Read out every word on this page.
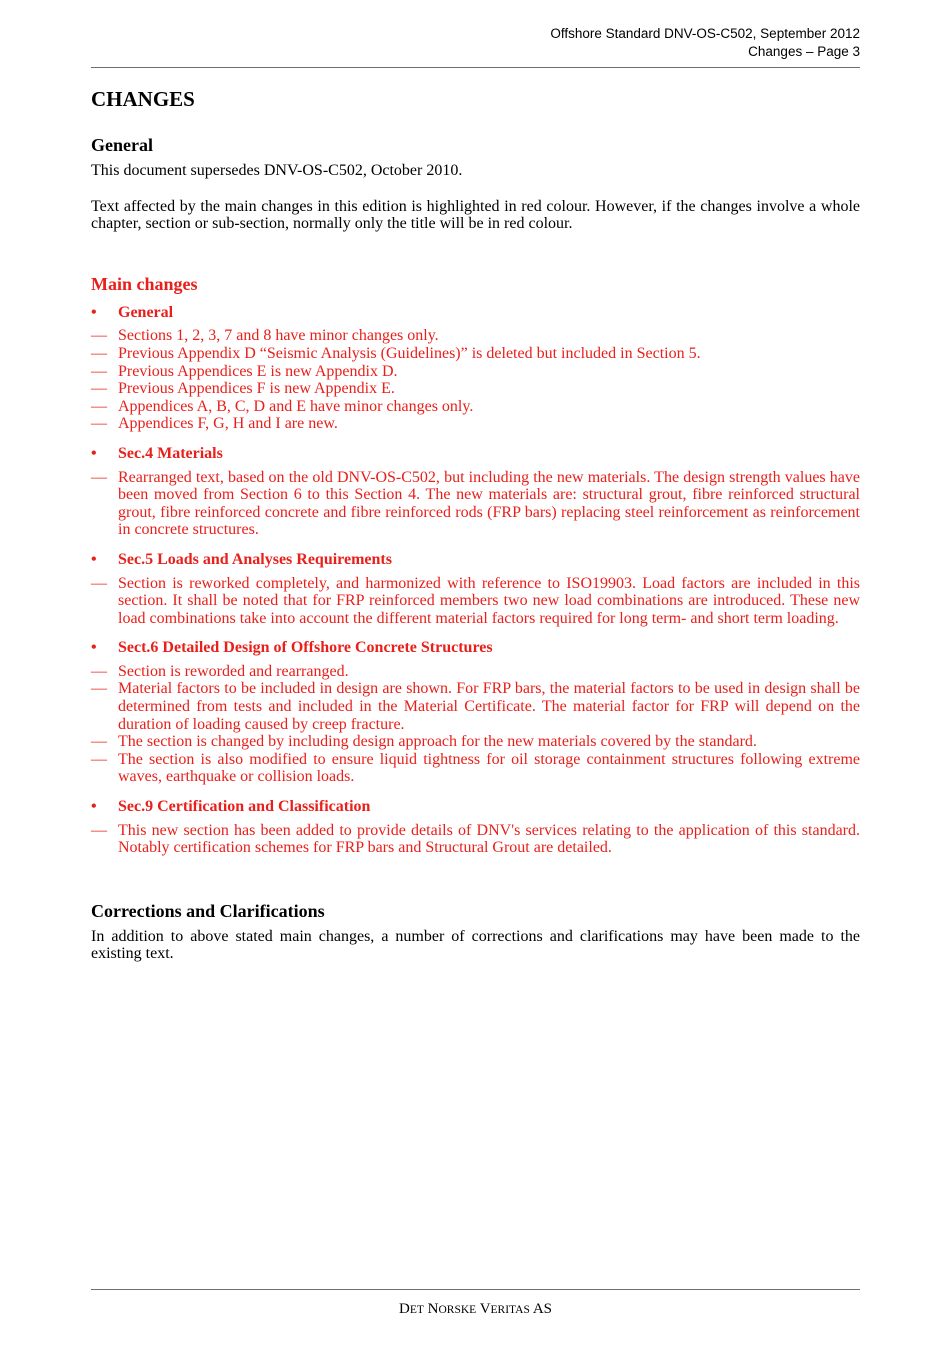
Offshore Standard DNV-OS-C502, September 2012
Changes – Page 3
CHANGES
General

This document supersedes DNV-OS-C502, October 2010.

Text affected by the main changes in this edition is highlighted in red colour. However, if the changes involve a whole chapter, section or sub-section, normally only the title will be in red colour.

Main changes
•	General
— Sections 1, 2, 3, 7 and 8 have minor changes only.
— Previous Appendix D “Seismic Analysis (Guidelines)” is deleted but included in Section 5.
— Previous Appendices E is new Appendix D.
— Previous Appendices F is new Appendix E.
— Appendices A, B, C, D and E have minor changes only.
— Appendices F, G, H and I are new.
•	Sec.4 Materials
— Rearranged text, based on the old DNV-OS-C502, but including the new materials. The design strength values have been moved from Section 6 to this Section 4. The new materials are: structural grout, fibre reinforced structural grout, fibre reinforced concrete and fibre reinforced rods (FRP bars) replacing steel reinforcement as reinforcement in concrete structures.
•	Sec.5 Loads and Analyses Requirements
— Section is reworked completely, and harmonized with reference to ISO19903. Load factors are included in this section. It shall be noted that for FRP reinforced members two new load combinations are introduced. These new load combinations take into account the different material factors required for long term- and short term loading.
•	Sect.6 Detailed Design of Offshore Concrete Structures
— Section is reworded and rearranged.
— Material factors to be included in design are shown. For FRP bars, the material factors to be used in design shall be determined from tests and included in the Material Certificate. The material factor for FRP will depend on the duration of loading caused by creep fracture.
— The section is changed by including design approach for the new materials covered by the standard.
— The section is also modified to ensure liquid tightness for oil storage containment structures following extreme waves, earthquake or collision loads.
•	Sec.9 Certification and Classification
— This new section has been added to provide details of DNV's services relating to the application of this standard. Notably certification schemes for FRP bars and Structural Grout are detailed.
Corrections and Clarifications

In addition to above stated main changes, a number of corrections and clarifications may have been made to the existing text.

DET NORSKE VERITAS AS
